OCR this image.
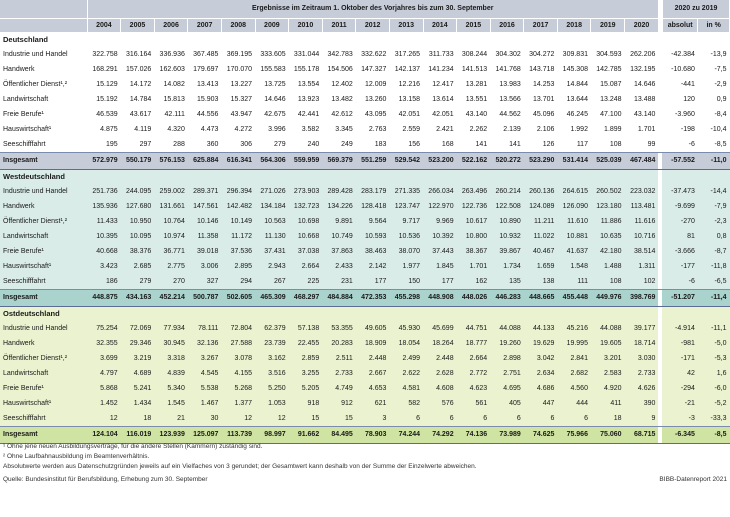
	Ergebnisse im Zeitraum 1. Oktober des Vorjahres bis zum 30. September																		2020 zu 2019	
	2004	2005	2006	2007	2008	2009	2010	2011	2012	2013	2014	2015	2016	2017	2018	2019	2020		absolut	in %
Deutschland																				
Industrie und Handel	322.758	316.164	336.936	367.485	369.195	333.605	331.044	342.783	332.622	317.265	311.733	308.244	304.302	304.272	309.831	304.593	262.206		-42.384	-13,9
Handwerk	168.291	157.026	162.603	179.697	170.070	155.583	155.178	154.506	147.327	142.137	141.234	141.513	141.768	143.718	145.308	142.785	132.195		-10.680	-7,5
Öffentlicher Dienst¹,²	15.129	14.172	14.082	13.413	13.227	13.725	13.554	12.402	12.009	12.216	12.417	13.281	13.983	14.253	14.844	15.087	14.646		-441	-2,9
Landwirtschaft	15.192	14.784	15.813	15.903	15.327	14.646	13.923	13.482	13.260	13.158	13.614	13.551	13.566	13.701	13.644	13.248	13.488		120	0,9
Freie Berufe¹	46.539	43.617	42.111	44.556	43.947	42.675	42.441	42.612	43.095	42.051	42.051	43.140	44.562	45.096	46.245	47.100	43.140		-3.960	-8,4
Hauswirtschaft¹	4.875	4.119	4.320	4.473	4.272	3.996	3.582	3.345	2.763	2.559	2.421	2.262	2.139	2.106	1.992	1.899	1.701		-198	-10,4
Seeschifffahrt	195	297	288	360	306	279	240	249	183	156	168	141	141	126	117	108	99		-6	-8,5
Insgesamt	572.979	550.179	576.153	625.884	616.341	564.306	559.959	569.379	551.259	529.542	523.200	522.162	520.272	523.290	531.414	525.039	467.484		-57.552	-11,0
Westdeutschland																				
Industrie und Handel	251.736	244.095	259.002	289.371	296.394	271.026	273.903	289.428	283.179	271.335	266.034	263.496	260.214	260.136	264.615	260.502	223.032		-37.473	-14,4
Handwerk	135.936	127.680	131.661	147.561	142.482	134.184	132.723	134.226	128.418	123.747	122.970	122.736	122.508	124.089	126.090	123.180	113.481		-9.699	-7,9
Öffentlicher Dienst¹,²	11.433	10.950	10.764	10.146	10.149	10.563	10.698	9.891	9.564	9.717	9.969	10.617	10.890	11.211	11.610	11.886	11.616		-270	-2,3
Landwirtschaft	10.395	10.095	10.974	11.358	11.172	11.130	10.668	10.749	10.593	10.536	10.392	10.800	10.932	11.022	10.881	10.635	10.716		81	0,8
Freie Berufe¹	40.668	38.376	36.771	39.018	37.536	37.431	37.038	37.863	38.463	38.070	37.443	38.367	39.867	40.467	41.637	42.180	38.514		-3.666	-8,7
Hauswirtschaft¹	3.423	2.685	2.775	3.006	2.895	2.943	2.664	2.433	2.142	1.977	1.845	1.701	1.734	1.659	1.548	1.488	1.311		-177	-11,8
Seeschifffahrt	186	279	270	327	294	267	225	231	177	150	177	162	135	138	111	108	102		-6	-6,5
Insgesamt	448.875	434.163	452.214	500.787	502.605	465.309	468.297	484.884	472.353	455.298	448.908	448.026	446.283	448.665	455.448	449.976	398.769		-51.207	-11,4
Ostdeutschland																				
Industrie und Handel	75.254	72.069	77.934	78.111	72.804	62.379	57.138	53.355	49.605	45.930	45.699	44.751	44.088	44.133	45.216	44.088	39.177		-4.914	-11,1
Handwerk	32.355	29.346	30.945	32.136	27.588	23.739	22.455	20.283	18.909	18.054	18.264	18.777	19.260	19.629	19.995	19.605	18.714		-981	-5,0
Öffentlicher Dienst¹,²	3.699	3.219	3.318	3.267	3.078	3.162	2.859	2.511	2.448	2.499	2.448	2.664	2.898	3.042	2.841	3.201	3.030		-171	-5,3
Landwirtschaft	4.797	4.689	4.839	4.545	4.155	3.516	3.255	2.733	2.667	2.622	2.628	2.772	2.751	2.634	2.682	2.583	2.733		42	1,6
Freie Berufe¹	5.868	5.241	5.340	5.538	5.268	5.250	5.205	4.749	4.653	4.581	4.608	4.623	4.695	4.686	4.560	4.920	4.626		-294	-6,0
Hauswirtschaft¹	1.452	1.434	1.545	1.467	1.377	1.053	918	912	621	582	576	561	405	447	444	411	390		-21	-5,2
Seeschifffahrt	12	18	21	30	12	12	15	15	3	6	6	6	6	6	6	18	9		-3	-33,3
Insgesamt	124.104	116.019	123.939	125.097	113.739	98.997	91.662	84.495	78.903	74.244	74.292	74.136	73.989	74.625	75.966	75.060	68.715		-6.345	-8,5
¹ Ohne jene neuen Ausbildungsverträge, für die andere Stellen (Kammern) zuständig sind.
² Ohne Laufbahnausbildung im Beamtenverhältnis.
Absolutwerte werden aus Datenschutzgründen jeweils auf ein Vielfaches von 3 gerundet; der Gesamtwert kann deshalb von der Summe der Einzelwerte abweichen.
Quelle: Bundesinstitut für Berufsbildung, Erhebung zum 30. September	BIBB-Datenreport 2021
